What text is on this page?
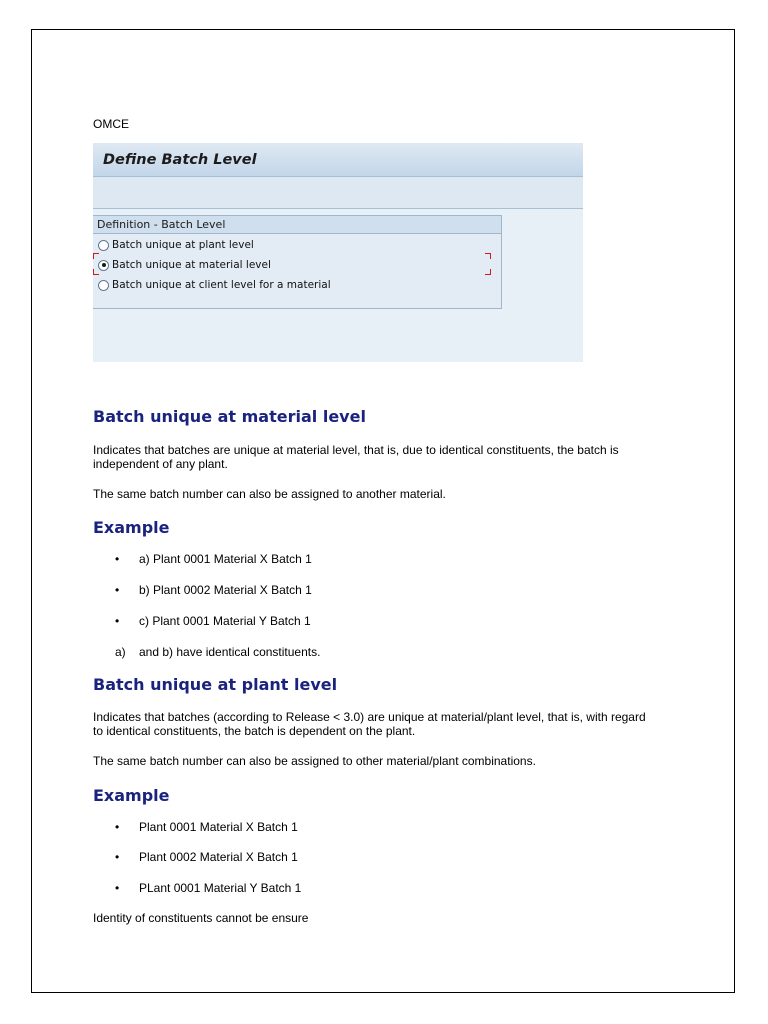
OMCE
Define Batch Level
Definition - Batch Level
Batch unique at plant level
Batch unique at material level
Batch unique at client level for a material
Batch unique at material level

Indicates that batches are unique at material level, that is, due to identical constituents, the batch is independent of any plant.

The same batch number can also be assigned to another material.

Example
• a) Plant 0001 Material X Batch 1
• b) Plant 0002 Material X Batch 1
• c) Plant 0001 Material Y Batch 1
a) and b) have identical constituents.
Batch unique at plant level

Indicates that batches (according to Release < 3.0) are unique at material/plant level, that is, with regard to identical constituents, the batch is dependent on the plant.

The same batch number can also be assigned to other material/plant combinations.

Example
• Plant 0001 Material X Batch 1
• Plant 0002 Material X Batch 1
• PLant 0001 Material Y Batch 1

Identity of constituents cannot be ensure
